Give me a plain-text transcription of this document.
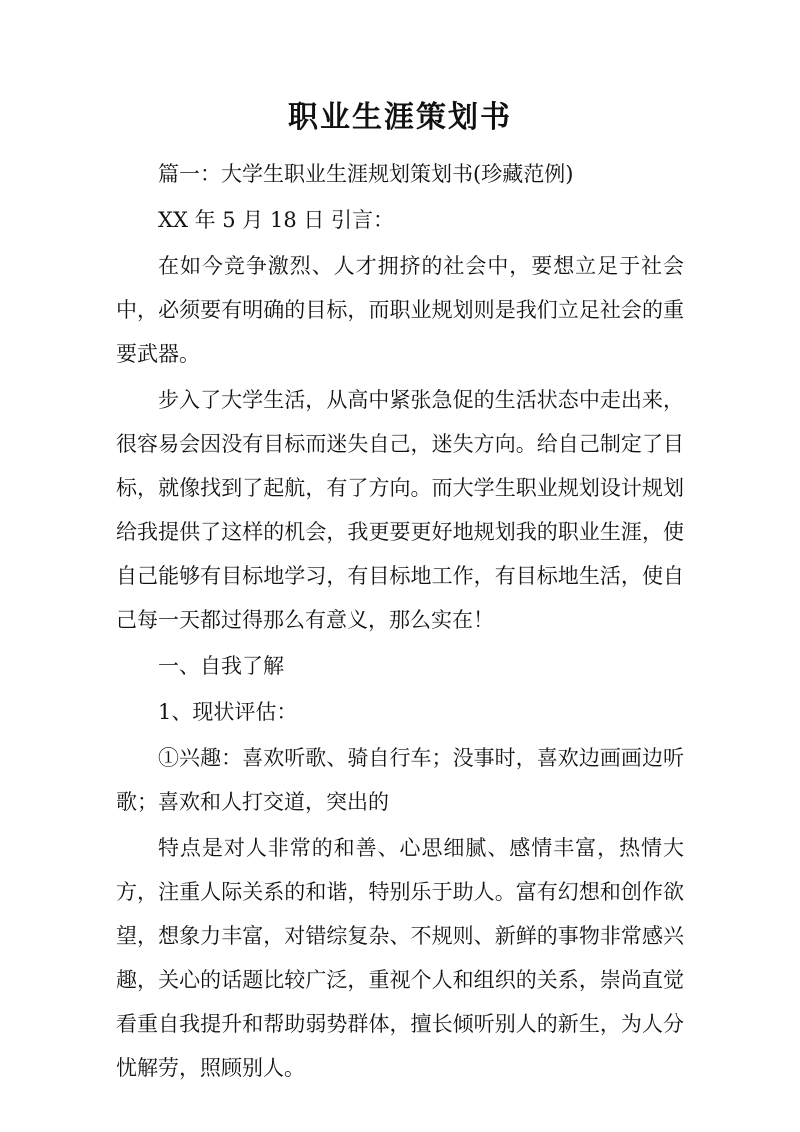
职业生涯策划书

篇一：大学生职业生涯规划策划书(珍藏范例)

XX 年 5 月 18 日 引言：

在如今竞争激烈、人才拥挤的社会中，要想立足于社会中，必须要有明确的目标，而职业规划则是我们立足社会的重要武器。

步入了大学生活，从高中紧张急促的生活状态中走出来，很容易会因没有目标而迷失自己，迷失方向。给自己制定了目标，就像找到了起航，有了方向。而大学生职业规划设计规划给我提供了这样的机会，我更要更好地规划我的职业生涯，使自己能够有目标地学习，有目标地工作，有目标地生活，使自己每一天都过得那么有意义，那么实在！

一、自我了解

1、现状评估：

①兴趣：喜欢听歌、骑自行车；没事时，喜欢边画画边听歌；喜欢和人打交道，突出的

特点是对人非常的和善、心思细腻、感情丰富，热情大方，注重人际关系的和谐，特别乐于助人。富有幻想和创作欲望，想象力丰富，对错综复杂、不规则、新鲜的事物非常感兴趣，关心的话题比较广泛，重视个人和组织的关系，崇尚直觉看重自我提升和帮助弱势群体，擅长倾听别人的新生，为人分忧解劳，照顾别人。
